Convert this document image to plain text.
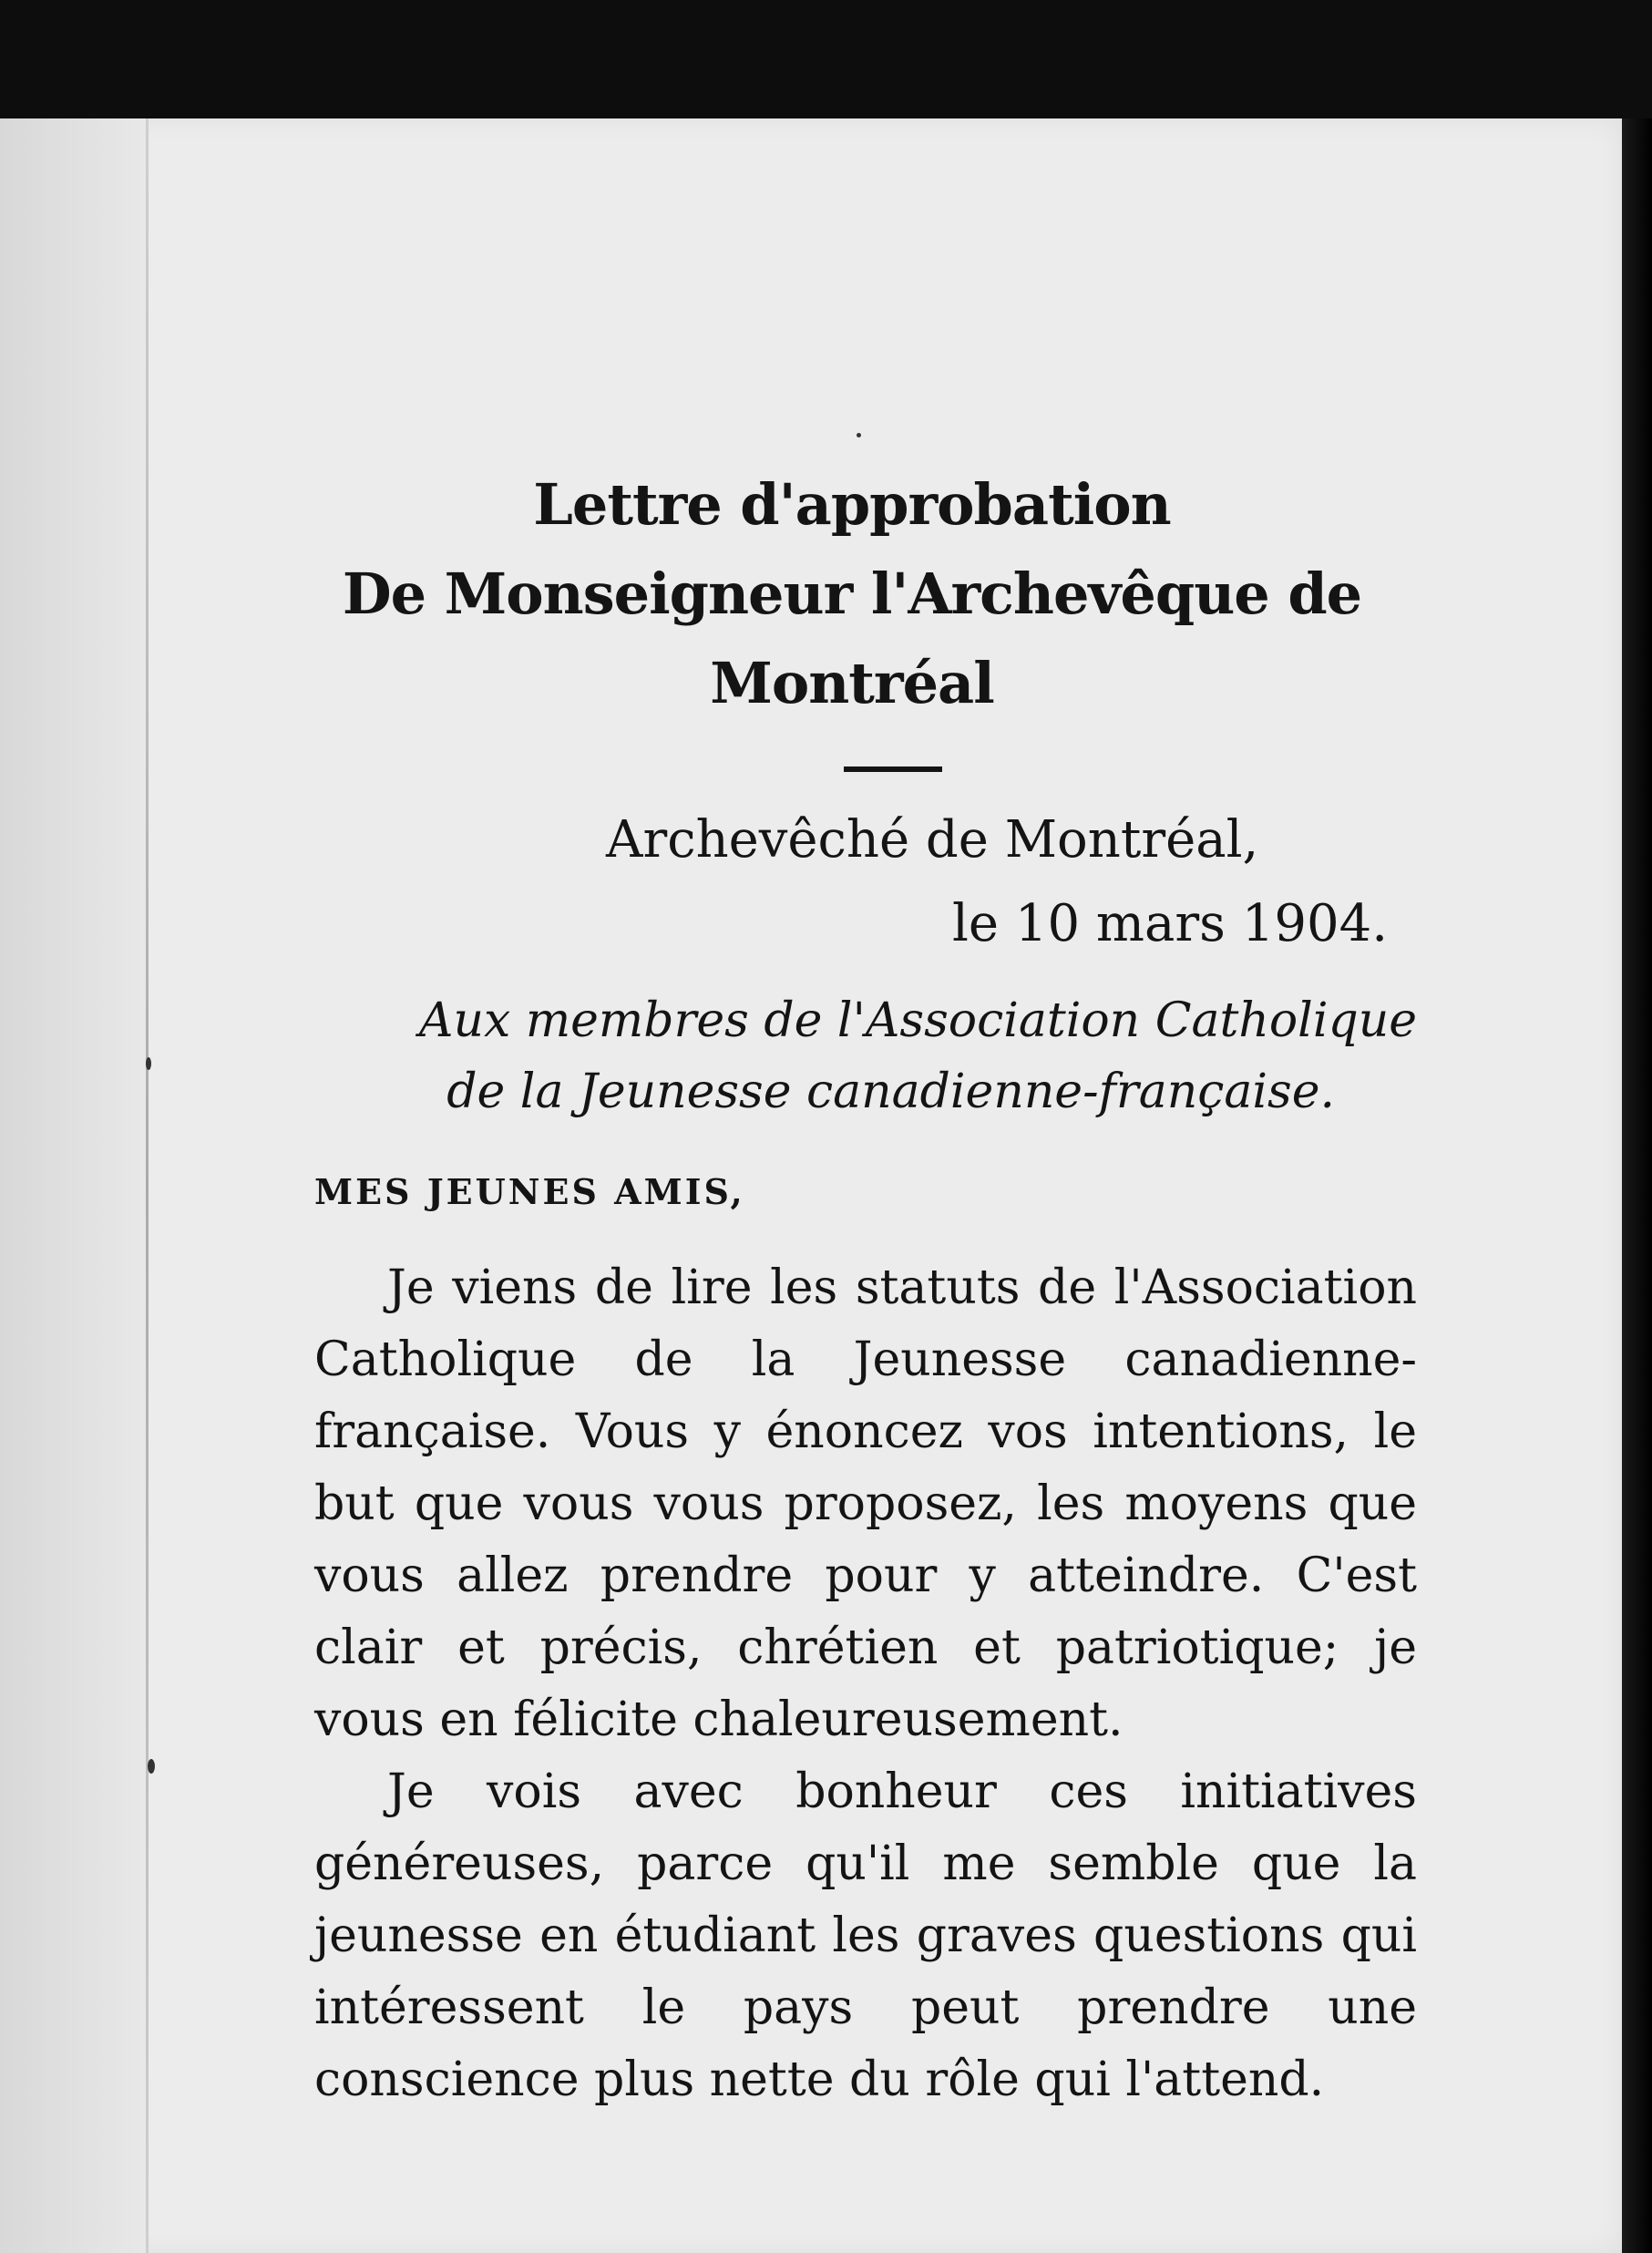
Lettre d'approbation
De Monseigneur l'Archevêque de Montréal
Archevêché de Montréal,
le 10 mars 1904.
Aux membres de l'Association Catholique
de la Jeunesse canadienne-française.
MES JEUNES AMIS,

Je viens de lire les statuts de l'Association Catholique de la Jeunesse canadienne-française. Vous y énoncez vos intentions, le but que vous vous proposez, les moyens que vous allez prendre pour y atteindre. C'est clair et précis, chrétien et patriotique; je vous en félicite chaleureusement.

Je vois avec bonheur ces initiatives généreuses, parce qu'il me semble que la jeunesse en étudiant les graves questions qui intéressent le pays peut prendre une conscience plus nette du rôle qui l'attend.
